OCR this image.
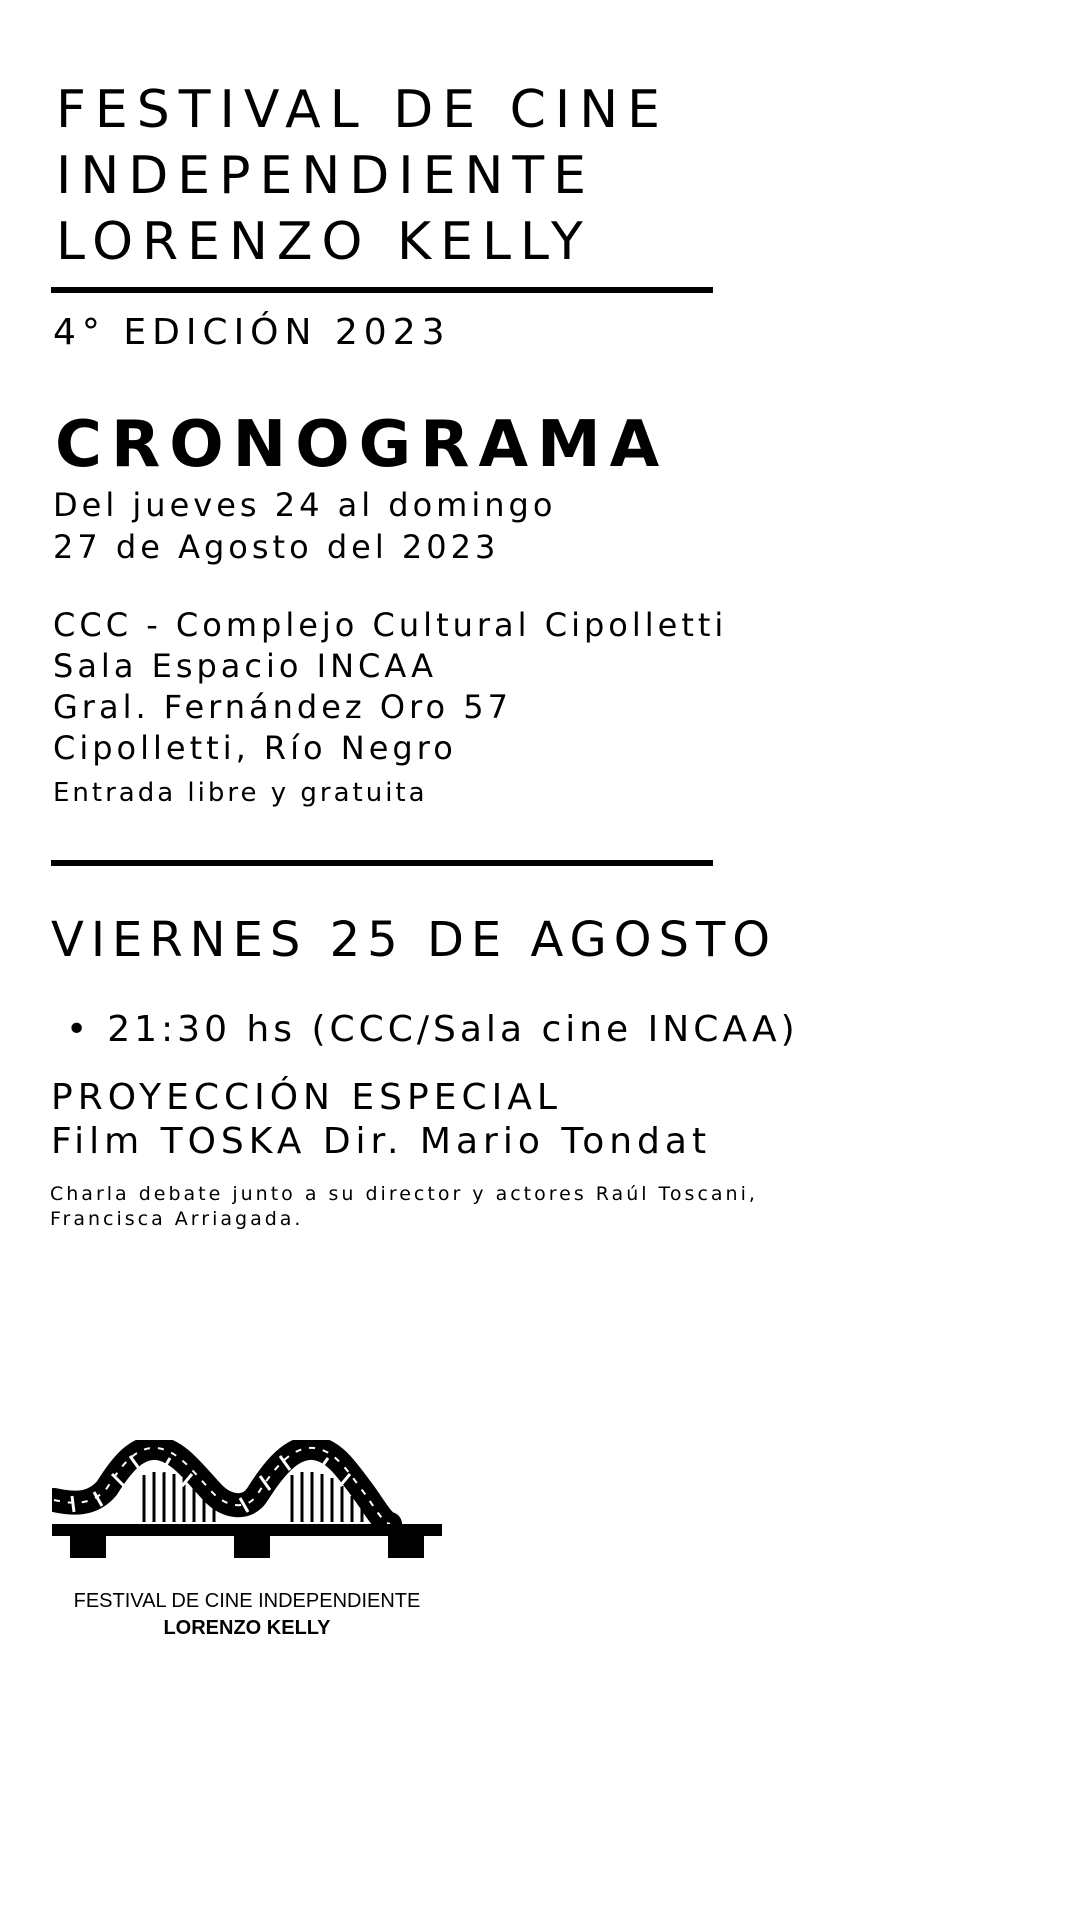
FESTIVAL DE CINE
INDEPENDIENTE
LORENZO KELLY
4° EDICIÓN 2023
CRONOGRAMA
Del jueves 24 al domingo
27 de Agosto del 2023
CCC - Complejo Cultural Cipolletti
Sala Espacio INCAA
Gral. Fernández Oro 57
Cipolletti, Río Negro
Entrada libre y gratuita
VIERNES 25 DE AGOSTO
• 21:30 hs (CCC/Sala cine INCAA)
PROYECCIÓN ESPECIAL
Film TOSKA Dir. Mario Tondat
Charla debate junto a su director y actores Raúl Toscani,
Francisca Arriagada.
FESTIVAL DE CINE INDEPENDIENTE
LORENZO KELLY
